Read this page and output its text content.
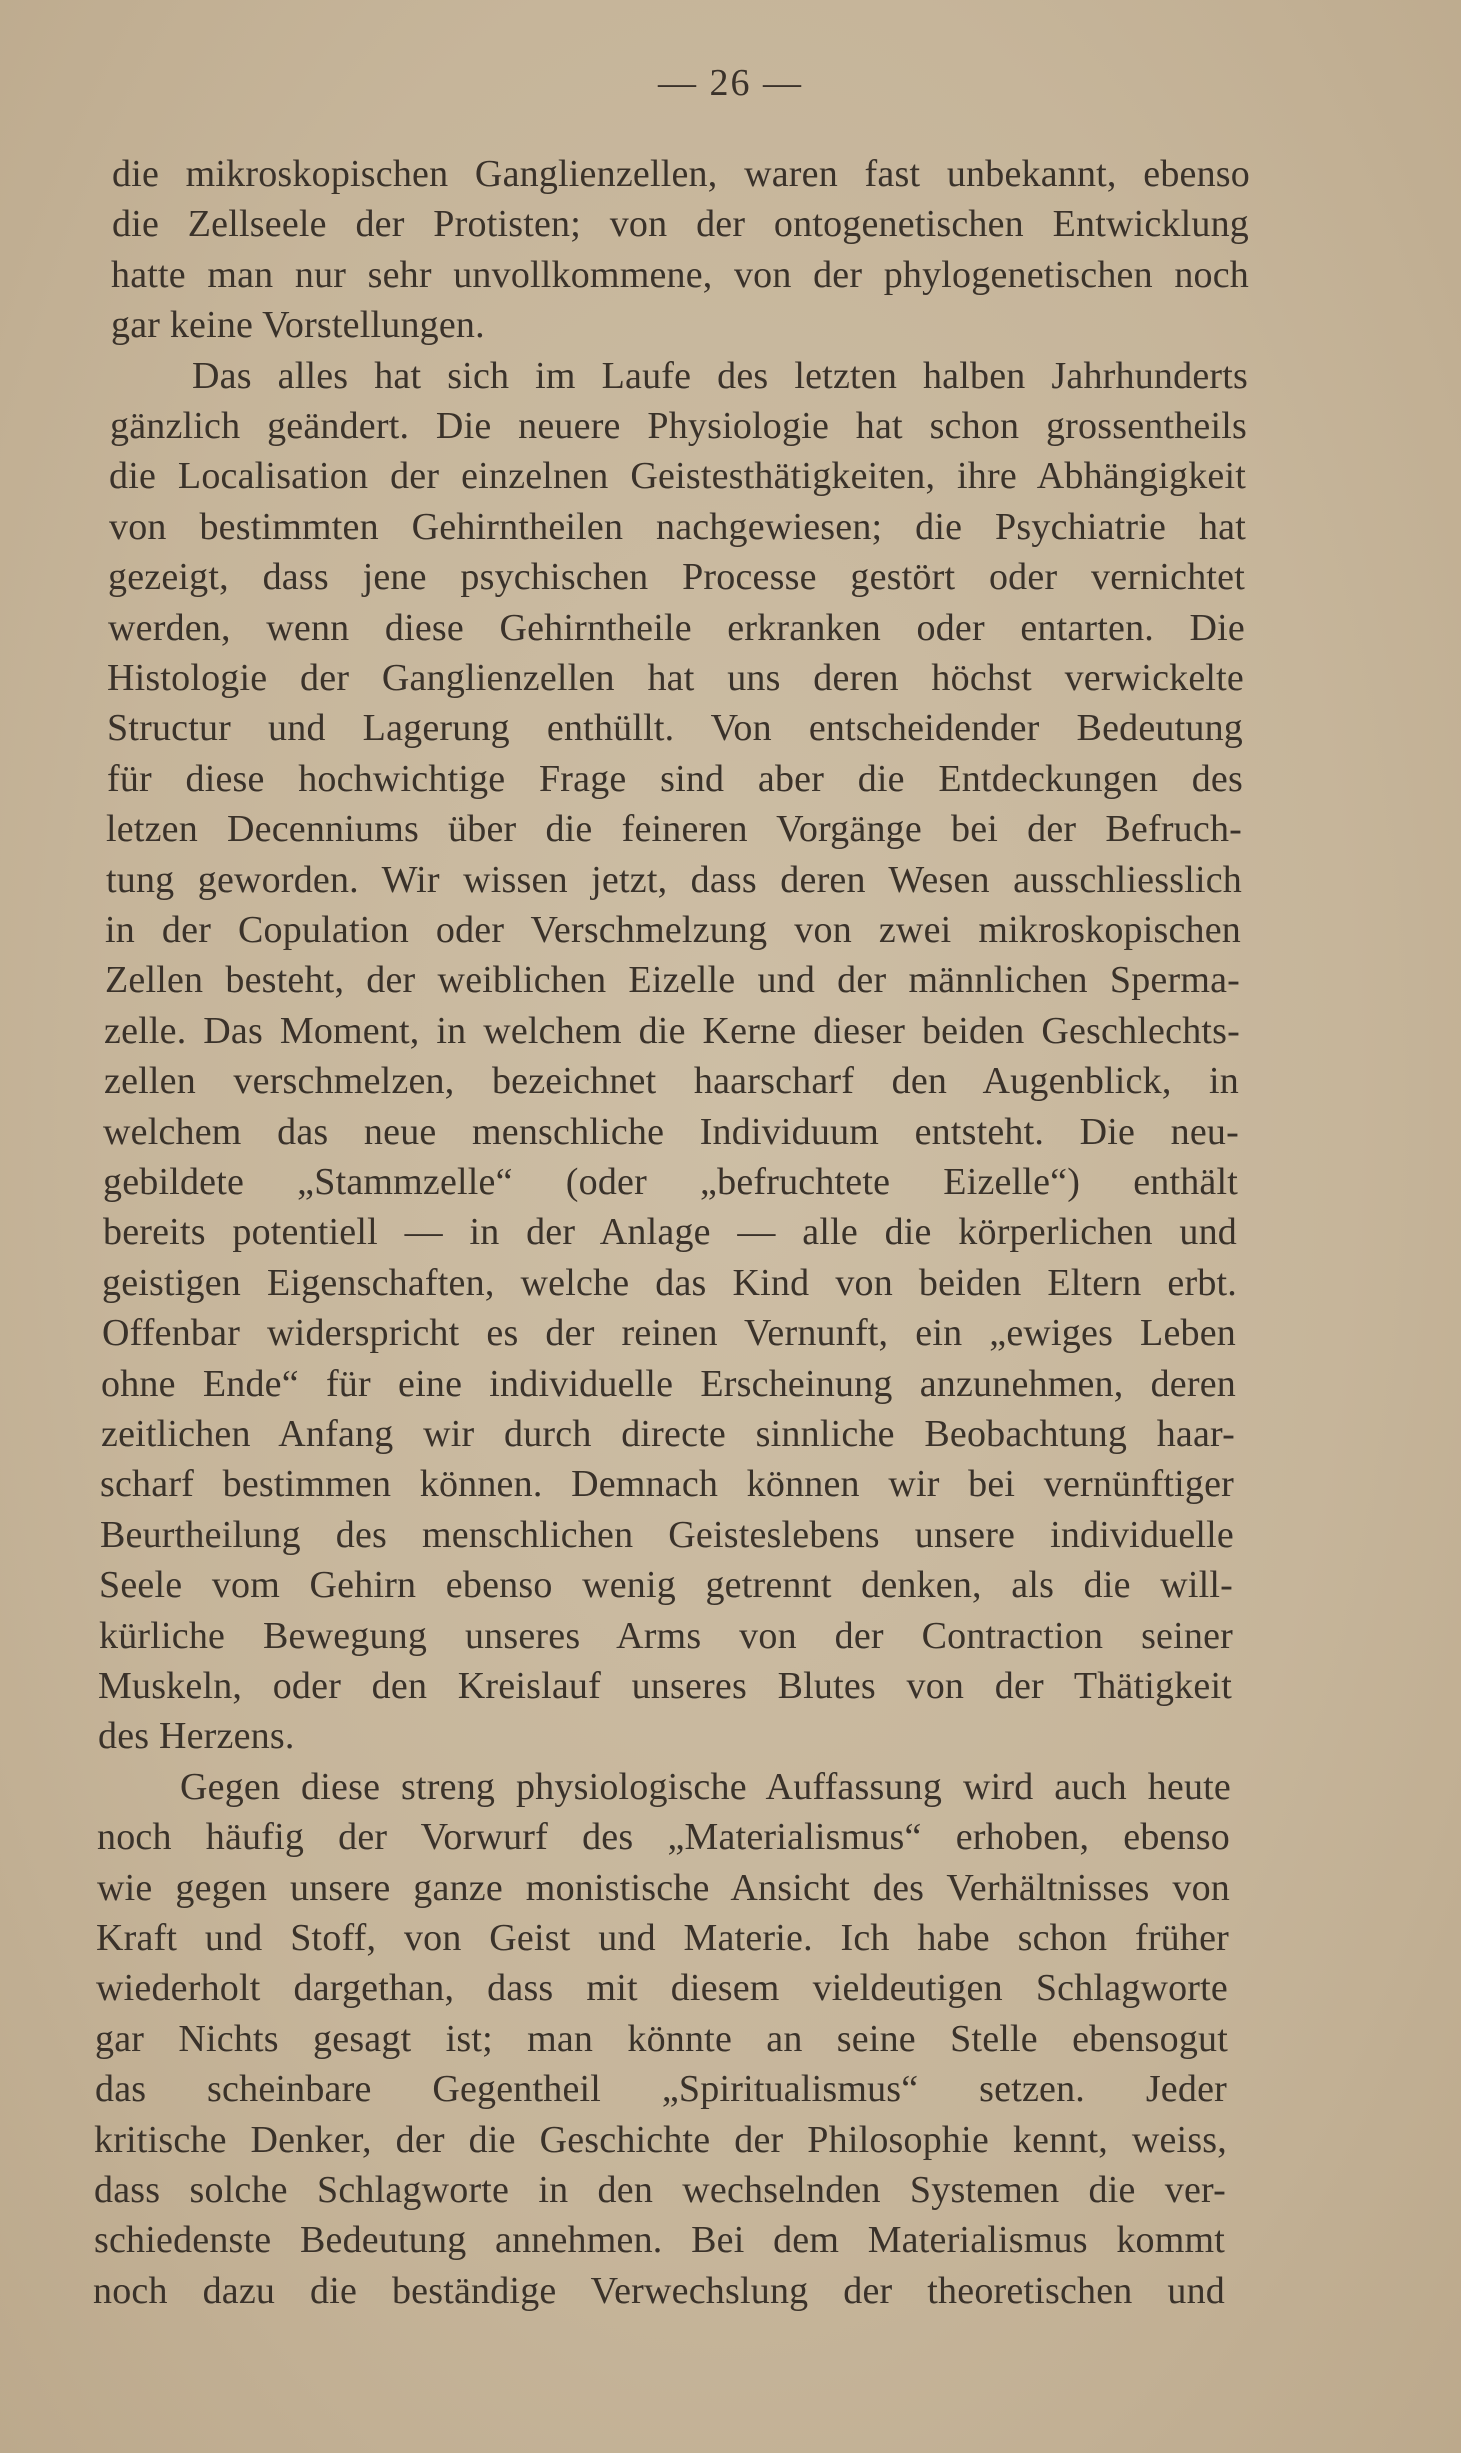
— 26 —
die mikroskopischen Ganglienzellen, waren fast unbekannt, ebenso
die Zellseele der Protisten; von der ontogenetischen Entwicklung
hatte man nur sehr unvollkommene, von der phylogenetischen noch
gar keine Vorstellungen.
Das alles hat sich im Laufe des letzten halben Jahrhunderts
gänzlich geändert. Die neuere Physiologie hat schon grossentheils
die Localisation der einzelnen Geistesthätigkeiten, ihre Abhängigkeit
von bestimmten Gehirntheilen nachgewiesen; die Psychiatrie hat
gezeigt, dass jene psychischen Processe gestört oder vernichtet
werden, wenn diese Gehirntheile erkranken oder entarten. Die
Histologie der Ganglienzellen hat uns deren höchst verwickelte
Structur und Lagerung enthüllt. Von entscheidender Bedeutung
für diese hochwichtige Frage sind aber die Entdeckungen des
letzen Decenniums über die feineren Vorgänge bei der Befruch-
tung geworden. Wir wissen jetzt, dass deren Wesen ausschliesslich
in der Copulation oder Verschmelzung von zwei mikroskopischen
Zellen besteht, der weiblichen Eizelle und der männlichen Sperma-
zelle. Das Moment, in welchem die Kerne dieser beiden Geschlechts-
zellen verschmelzen, bezeichnet haarscharf den Augenblick, in
welchem das neue menschliche Individuum entsteht. Die neu-
gebildete „Stammzelle“ (oder „befruchtete Eizelle“) enthält
bereits potentiell — in der Anlage — alle die körperlichen und
geistigen Eigenschaften, welche das Kind von beiden Eltern erbt.
Offenbar widerspricht es der reinen Vernunft, ein „ewiges Leben
ohne Ende“ für eine individuelle Erscheinung anzunehmen, deren
zeitlichen Anfang wir durch directe sinnliche Beobachtung haar-
scharf bestimmen können. Demnach können wir bei vernünftiger
Beurtheilung des menschlichen Geisteslebens unsere individuelle
Seele vom Gehirn ebenso wenig getrennt denken, als die will-
kürliche Bewegung unseres Arms von der Contraction seiner
Muskeln, oder den Kreislauf unseres Blutes von der Thätigkeit
des Herzens.
Gegen diese streng physiologische Auffassung wird auch heute
noch häufig der Vorwurf des „Materialismus“ erhoben, ebenso
wie gegen unsere ganze monistische Ansicht des Verhältnisses von
Kraft und Stoff, von Geist und Materie. Ich habe schon früher
wiederholt dargethan, dass mit diesem vieldeutigen Schlagworte
gar Nichts gesagt ist; man könnte an seine Stelle ebensogut
das scheinbare Gegentheil „Spiritualismus“ setzen. Jeder
kritische Denker, der die Geschichte der Philosophie kennt, weiss,
dass solche Schlagworte in den wechselnden Systemen die ver-
schiedenste Bedeutung annehmen. Bei dem Materialismus kommt
noch dazu die beständige Verwechslung der theoretischen und
